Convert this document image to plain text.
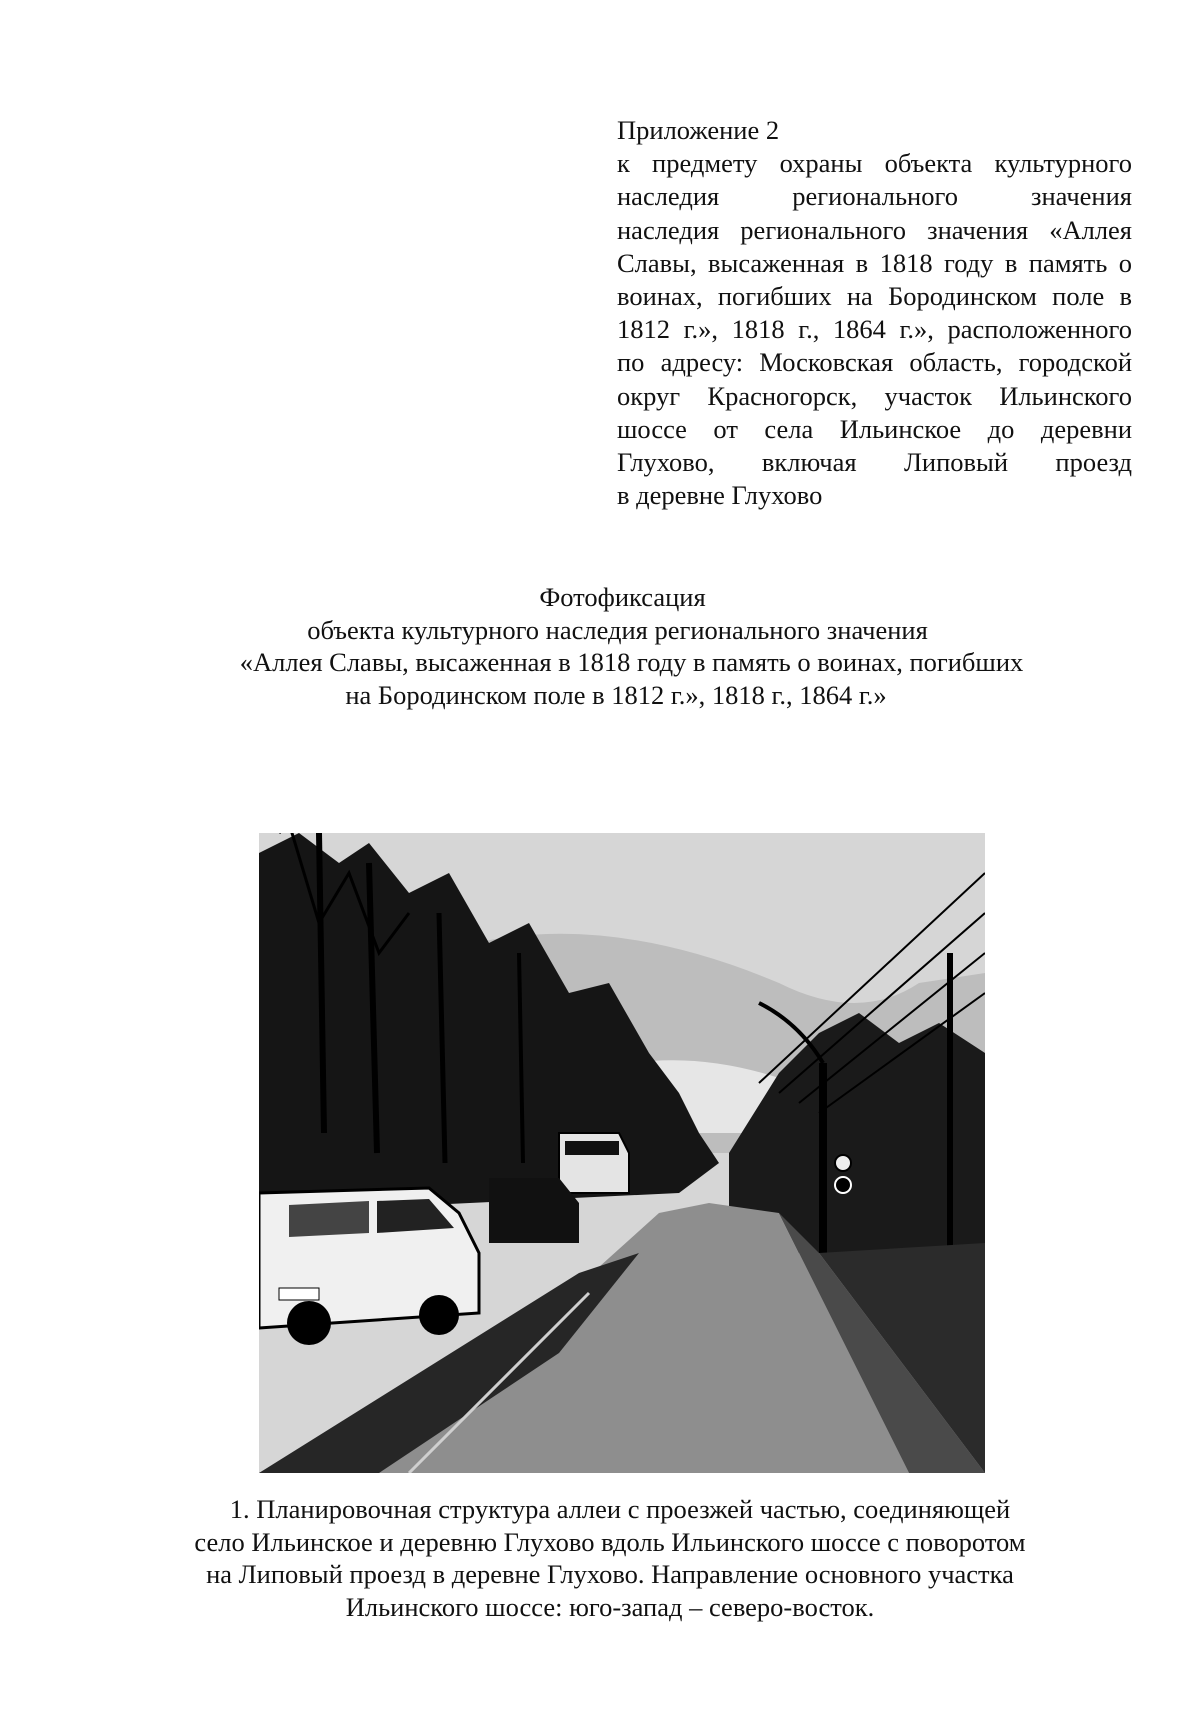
Приложение 2
к предмету охраны объекта культурного
наследия регионального значения
наследия регионального значения «Аллея
Славы, высаженная в 1818 году в память о
воинах, погибших на Бородинском поле в
1812 г.», 1818 г., 1864 г.», расположенного
по адресу: Московская область, городской
округ Красногорск, участок Ильинского
шоссе от села Ильинское до деревни
Глухово, включая Липовый проезд
в деревне Глухово
Фотофиксация
объекта культурного наследия регионального значения
«Аллея Славы, высаженная в 1818 году в память о воинах, погибших
на Бородинском поле в 1812 г.», 1818 г., 1864 г.»
1. Планировочная структура аллеи с проезжей частью, соединяющей
село Ильинское и деревню Глухово вдоль Ильинского шоссе с поворотом
на Липовый проезд в деревне Глухово. Направление основного участка
Ильинского шоссе: юго-запад – северо-восток.
